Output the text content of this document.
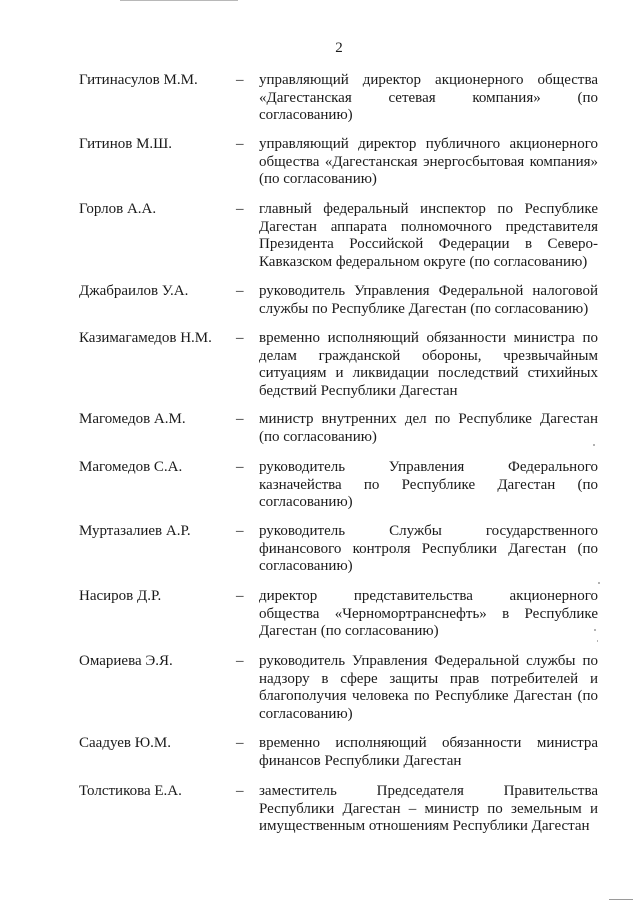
2
Гитинасулов М.М.	– управляющий директор акционерного общества
«Дагестанская сетевая компания» (по
согласованию)
Гитинов М.Ш.	– управляющий директор публичного акционерного
общества «Дагестанская энергосбытовая компания»
(по согласованию)
Горлов А.А.	– главный федеральный инспектор по Республике
Дагестан аппарата полномочного представителя
Президента Российской Федерации в Северо-
Кавказском федеральном округе (по согласованию)
Джабраилов У.А.	– руководитель Управления Федеральной налоговой
службы по Республике Дагестан (по согласованию)
Казимагамедов Н.М. – временно исполняющий обязанности министра по
делам гражданской обороны, чрезвычайным
ситуациям и ликвидации последствий стихийных
бедствий Республики Дагестан
Магомедов А.М.	– министр внутренних дел по Республике Дагестан
(по согласованию)
Магомедов С.А.	– руководитель Управления Федерального
казначейства по Республике Дагестан (по
согласованию)
Муртазалиев А.Р.	– руководитель Службы государственного
финансового контроля Республики Дагестан (по
согласованию)
Насиров Д.Р.	– директор представительства акционерного
общества «Черномортранснефть» в Республике
Дагестан (по согласованию)
Омариева Э.Я.	– руководитель Управления Федеральной службы по
надзору в сфере защиты прав потребителей и
благополучия человека по Республике Дагестан (по
согласованию)
Саадуев Ю.М.	– временно исполняющий обязанности министра
финансов Республики Дагестан
Толстикова Е.А.	– заместитель Председателя Правительства
Республики Дагестан – министр по земельным и
имущественным отношениям Республики Дагестан
